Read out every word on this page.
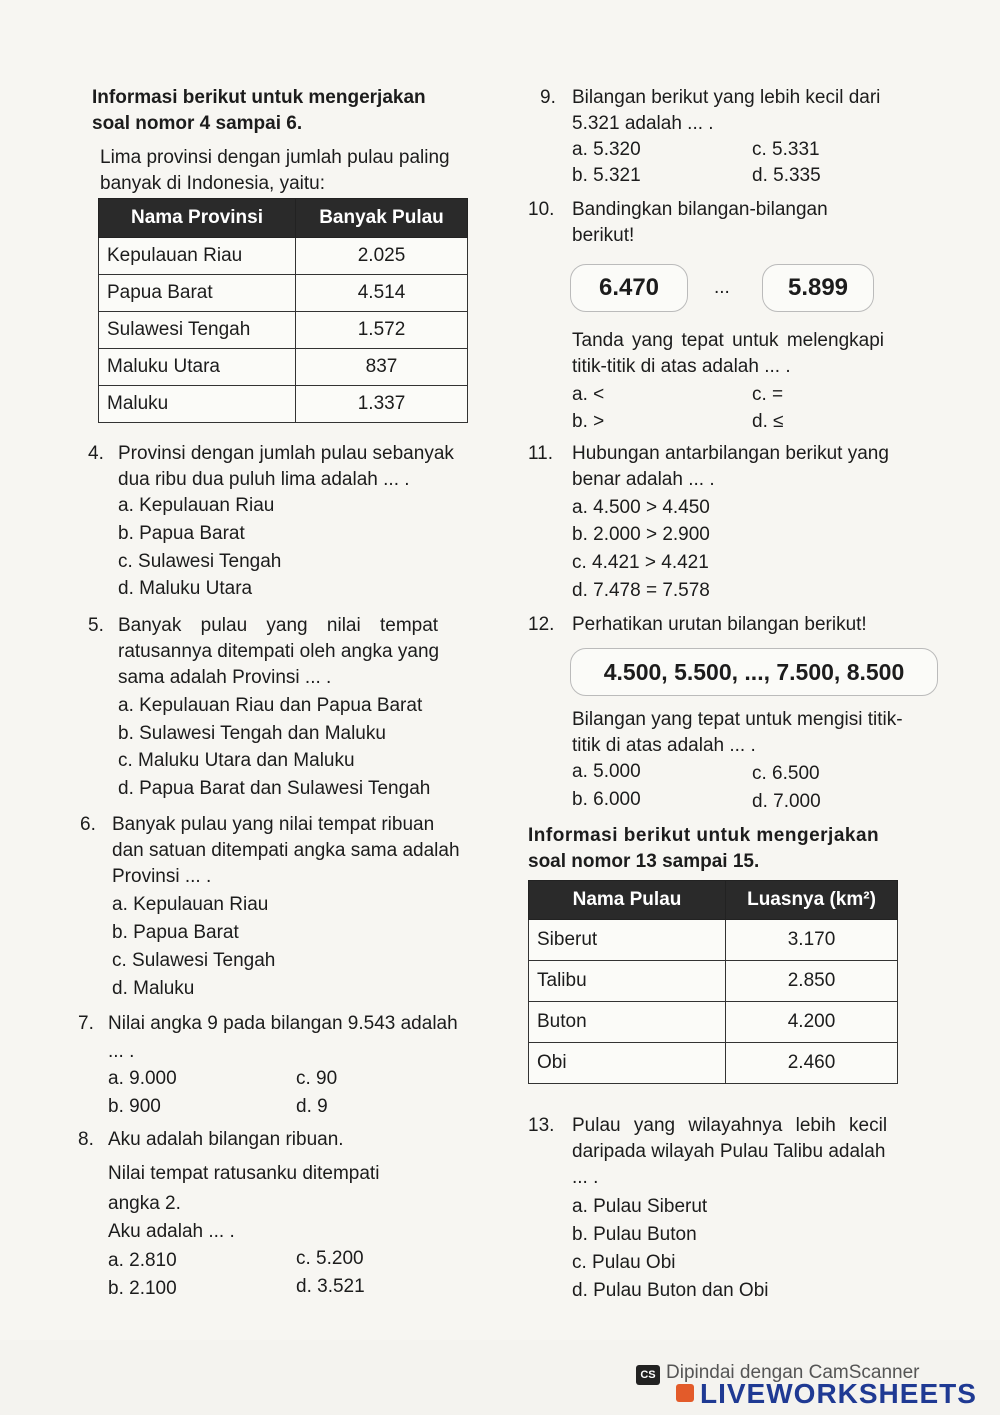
Informasi berikut untuk mengerjakan
soal nomor 4 sampai 6.
Lima provinsi dengan jumlah pulau paling
banyak di Indonesia, yaitu:
Nama Provinsi	Banyak Pulau
Kepulauan Riau	2.025
Papua Barat	4.514
Sulawesi Tengah	1.572
Maluku Utara	837
Maluku	1.337
4. Provinsi dengan jumlah pulau sebanyak
dua ribu dua puluh lima adalah ... .
a. Kepulauan Riau
b. Papua Barat
c. Sulawesi Tengah
d. Maluku Utara
5. Banyak pulau yang nilai tempat
ratusannya ditempati oleh angka yang
sama adalah Provinsi ... .
a. Kepulauan Riau dan Papua Barat
b. Sulawesi Tengah dan Maluku
c. Maluku Utara dan Maluku
d. Papua Barat dan Sulawesi Tengah
6. Banyak pulau yang nilai tempat ribuan
dan satuan ditempati angka sama adalah
Provinsi ... .
a. Kepulauan Riau
b. Papua Barat
c. Sulawesi Tengah
d. Maluku
7. Nilai angka 9 pada bilangan 9.543 adalah
... .
a. 9.000
b. 900
c. 90
d. 9
8. Aku adalah bilangan ribuan.
Nilai tempat ratusanku ditempati
angka 2.
Aku adalah ... .
a. 2.810
b. 2.100
c. 5.200
d. 3.521
9. Bilangan berikut yang lebih kecil dari
5.321 adalah ... .
a. 5.320
b. 5.321
c. 5.331
d. 5.335
10. Bandingkan bilangan-bilangan
berikut!
6.470	...	5.899
Tanda yang tepat untuk melengkapi
titik-titik di atas adalah ... .
a. <
b. >
c. =
d. ≤
11. Hubungan antarbilangan berikut yang
benar adalah ... .
a. 4.500 > 4.450
b. 2.000 > 2.900
c. 4.421 > 4.421
d. 7.478 = 7.578
12. Perhatikan urutan bilangan berikut!
4.500, 5.500, ..., 7.500, 8.500
Bilangan yang tepat untuk mengisi titik-
titik di atas adalah ... .
a. 5.000
b. 6.000
c. 6.500
d. 7.000
Informasi berikut untuk mengerjakan
soal nomor 13 sampai 15.
Nama Pulau	Luasnya (km²)
Siberut	3.170
Talibu	2.850
Buton	4.200
Obi	2.460
13. Pulau yang wilayahnya lebih kecil
daripada wilayah Pulau Talibu adalah
... .
a. Pulau Siberut
b. Pulau Buton
c. Pulau Obi
d. Pulau Buton dan Obi
CS Dipindai dengan CamScanner
LIVEWORKSHEETS
